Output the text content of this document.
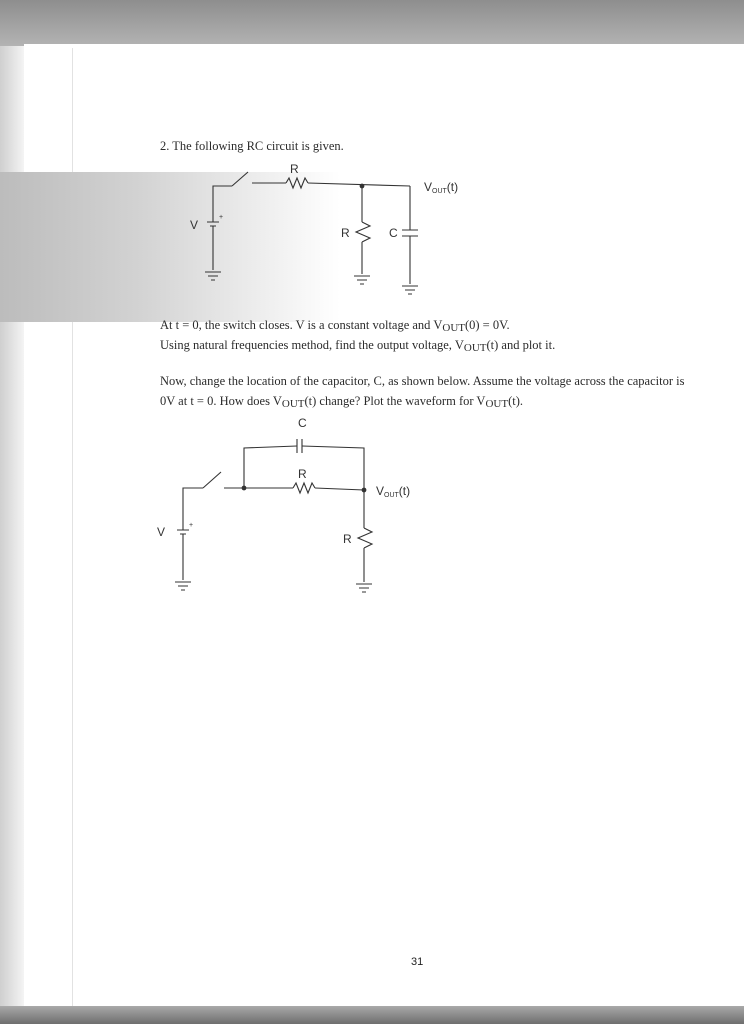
2. The following RC circuit is given.
At t = 0, the switch closes. V is a constant voltage and VOUT(0) = 0V.
Using natural frequencies method, find the output voltage, VOUT(t) and plot it.
Now, change the location of the capacitor, C, as shown below. Assume the voltage across the capacitor is
0V at t = 0. How does VOUT(t) change? Plot the waveform for VOUT(t).
31
R
R	C
V
+
VOUT(t)
C
R
R
V	+
VOUT(t)
